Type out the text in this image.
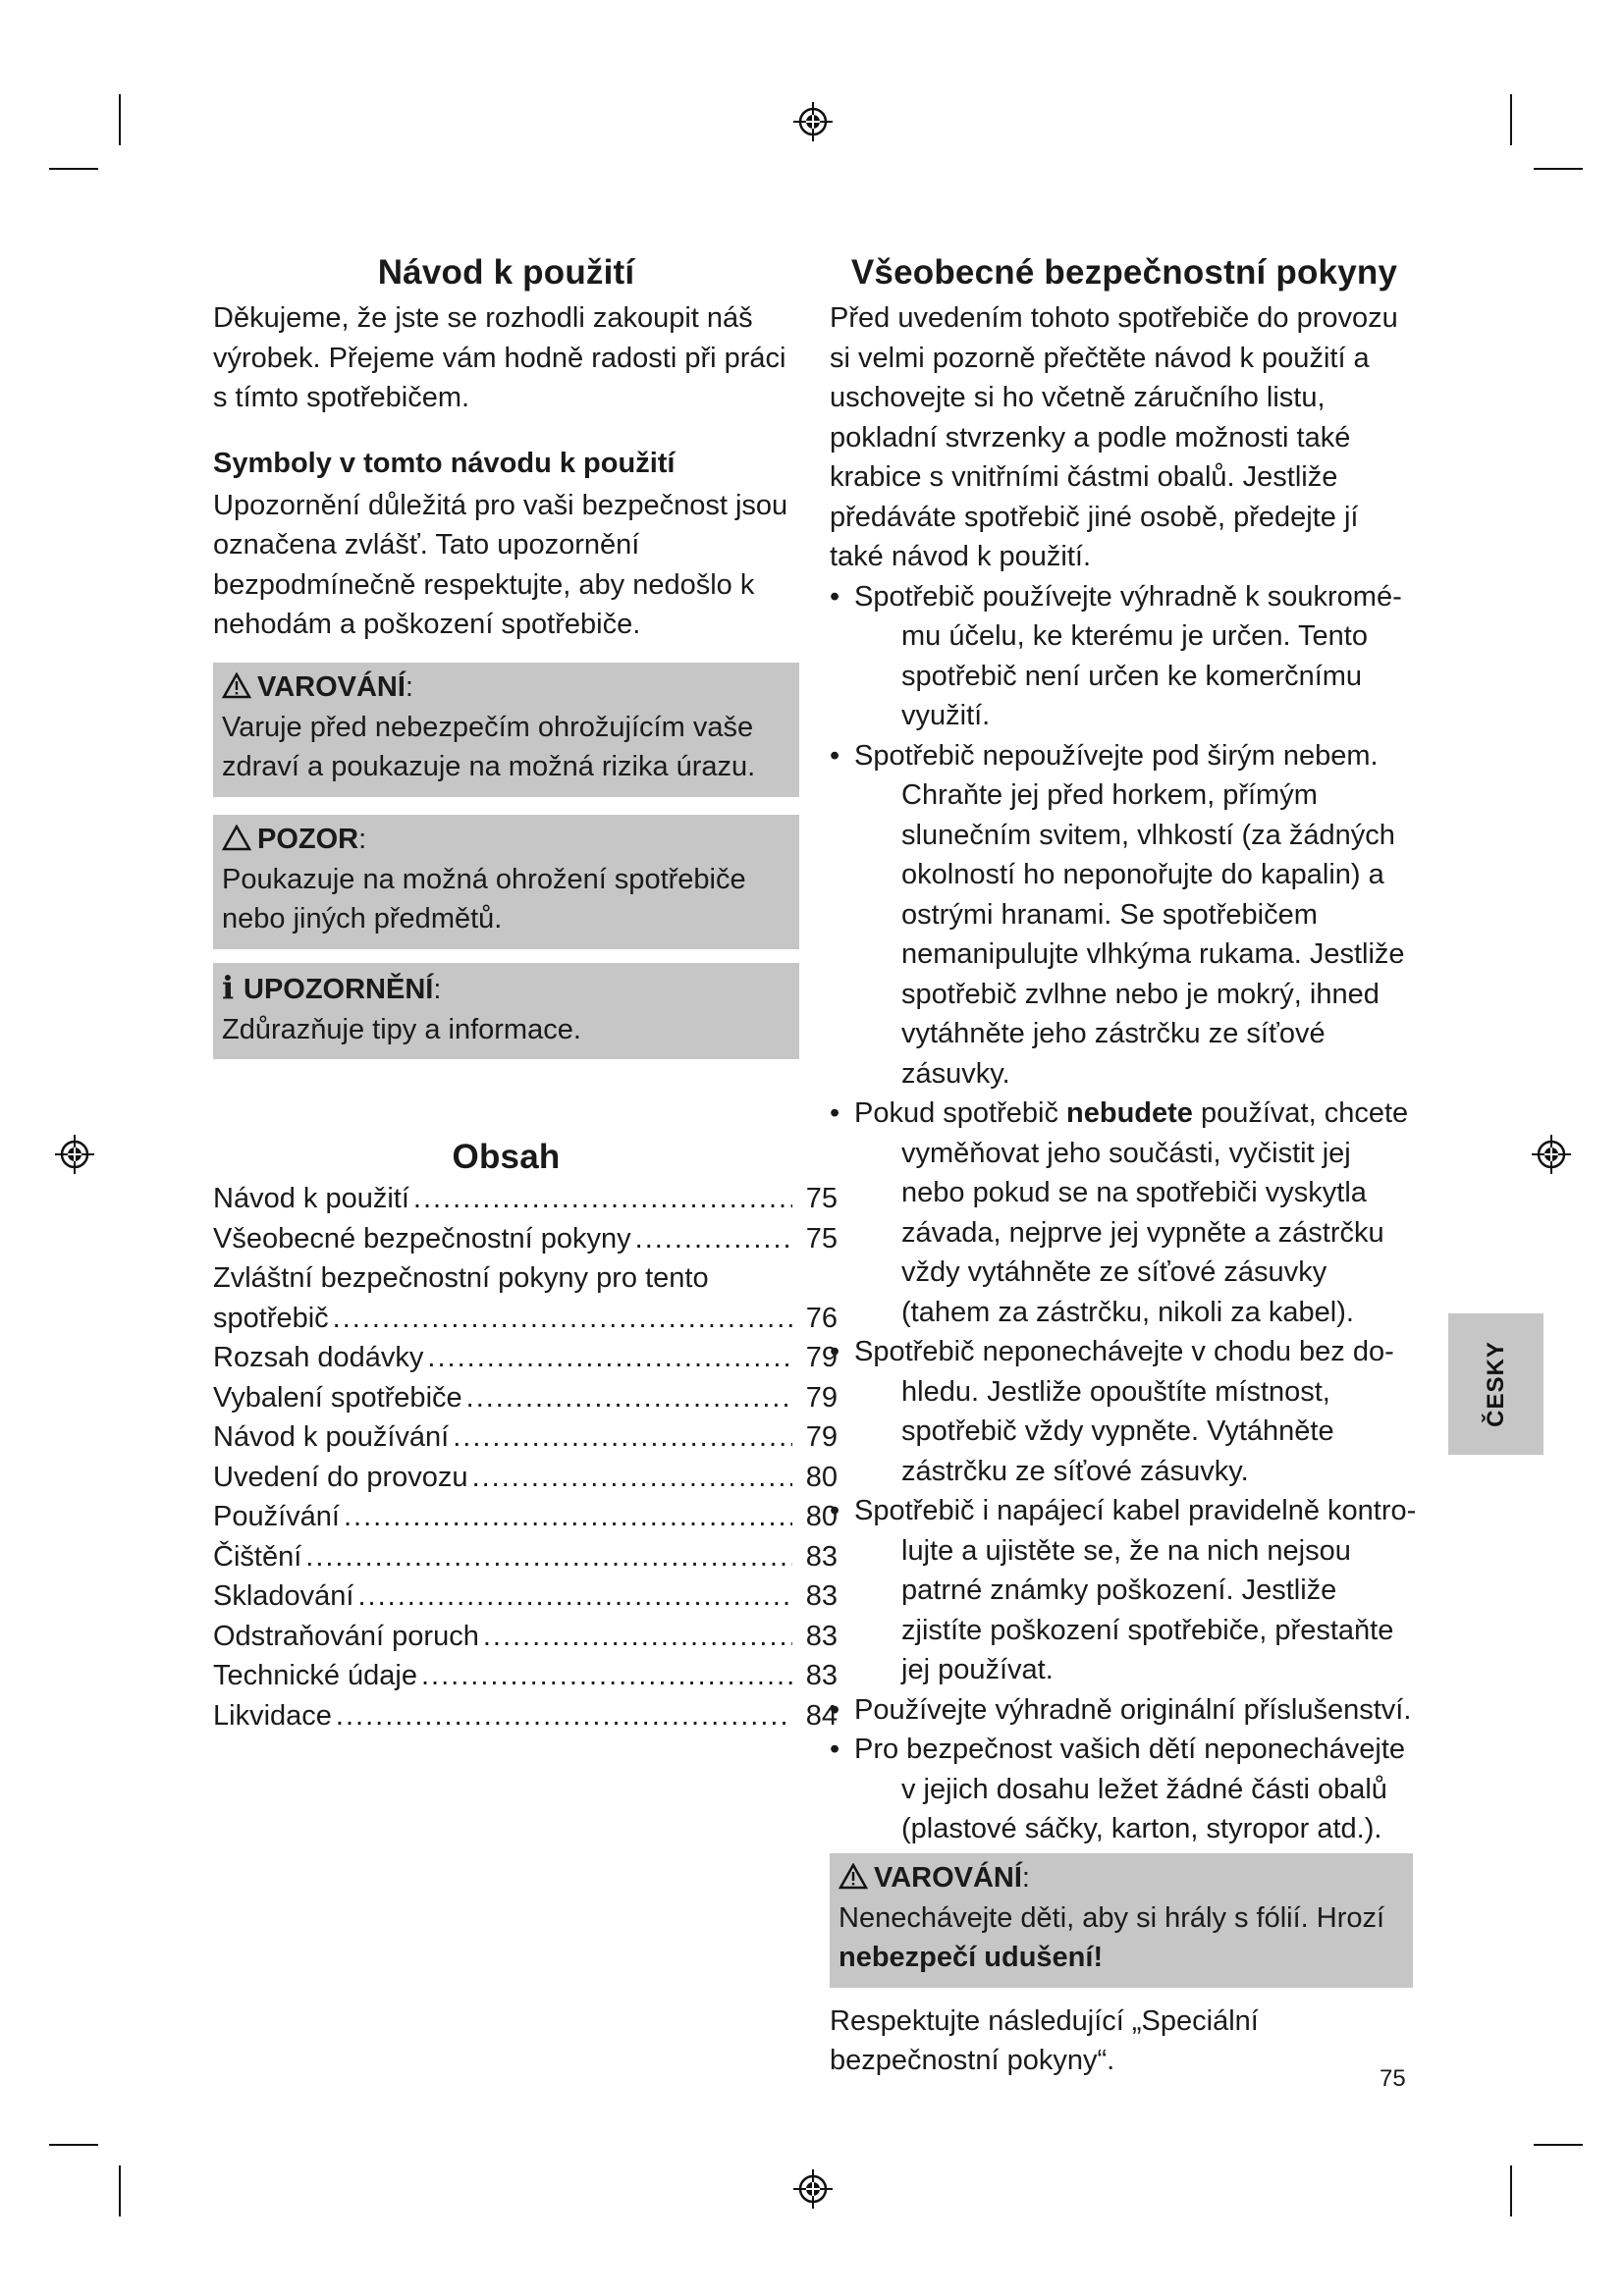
Návod k použití

Děkujeme, že jste se rozhodli zakoupit náš výrobek. Přejeme vám hodně radosti při práci s tímto spotřebičem.

Symboly v tomto návodu k použití

Upozornění důležitá pro vaši bezpečnost jsou označena zvlášť. Tato upozornění bezpodmínečně respektujte, aby nedošlo k nehodám a poškození spotřebiče.

VAROVÁNÍ:

Varuje před nebezpečím ohrožujícím vaše zdraví a poukazuje na možná rizika úrazu.

POZOR:

Poukazuje na možná ohrožení spotřebiče nebo jiných předmětů.

i UPOZORNĚNÍ:

Zdůrazňuje tipy a informace.

Obsah
Návod k použití .....	75
Všeobecné bezpečnostní pokyny .....	75
Zvláštní bezpečnostní pokyny pro tento
spotřebič .....	76
Rozsah dodávky .....	79
Vybalení spotřebiče .....	79
Návod k používání .....	79
Uvedení do provozu .....	80
Používání .....	80
Čištění .....	83
Skladování .....	83
Odstraňování poruch .....	83
Technické údaje .....	83
Likvidace .....	84
Všeobecné bezpečnostní pokyny

Před uvedením tohoto spotřebiče do provozu si velmi pozorně přečtěte návod k použití a uschovejte si ho včetně záručního listu, pokladní stvrzenky a podle možnosti také krabice s vnitřními částmi obalů. Jestliže předáváte spotřebič jiné osobě, předejte jí také návod k použití.

• Spotřebič používejte výhradně k soukromé-
mu účelu, ke kterému je určen. Tento spotřebič není určen ke komerčnímu využití.
• Spotřebič nepoužívejte pod širým nebem.
Chraňte jej před horkem, přímým slunečním svitem, vlhkostí (za žádných okolností ho neponořujte do kapalin) a ostrými hranami. Se spotřebičem nemanipulujte vlhkýma rukama. Jestliže spotřebič zvlhne nebo je mokrý, ihned vytáhněte jeho zástrčku ze síťové zásuvky.
• Pokud spotřebič nebudete používat, chcete
vyměňovat jeho součásti, vyčistit jej nebo pokud se na spotřebiči vyskytla závada, nejprve jej vypněte a zástrčku vždy vytáhněte ze síťové zásuvky (tahem za zástrčku, nikoli za kabel).
• Spotřebič neponechávejte v chodu bez do-
hledu. Jestliže opouštíte místnost, spotřebič vždy vypněte. Vytáhněte zástrčku ze síťové zásuvky.
• Spotřebič i napájecí kabel pravidelně kontro-
lujte a ujistěte se, že na nich nejsou patrné známky poškození. Jestliže zjistíte poškození spotřebiče, přestaňte jej používat.
• Používejte výhradně originální příslušenství.
• Pro bezpečnost vašich dětí neponechávejte
v jejich dosahu ležet žádné části obalů (plastové sáčky, karton, styropor atd.).
VAROVÁNÍ:

Nenechávejte děti, aby si hrály s fólií. Hrozí nebezpečí udušení!

Respektujte následující „Speciální bezpečnostní pokyny“.

ČESKY
75
